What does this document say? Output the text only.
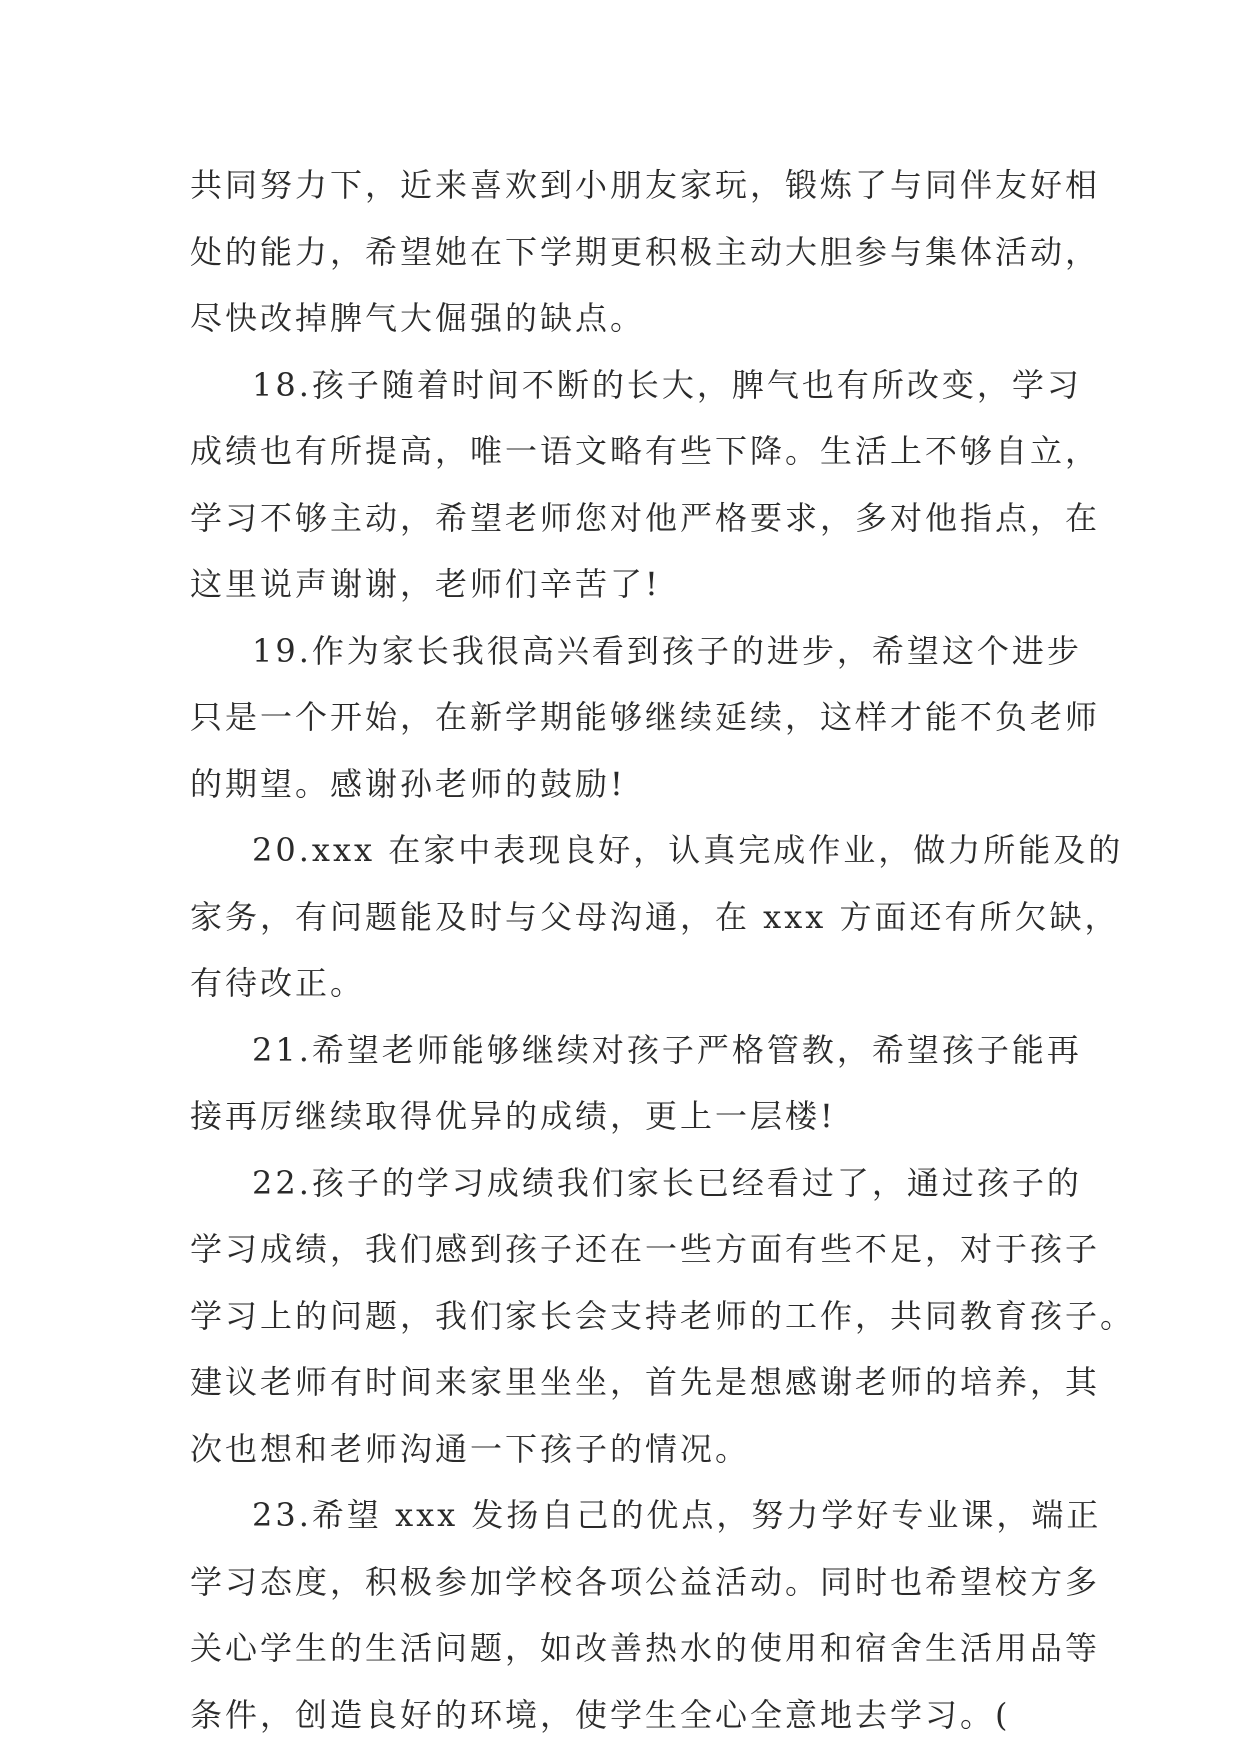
共同努力下，近来喜欢到小朋友家玩，锻炼了与同伴友好相
处的能力，希望她在下学期更积极主动大胆参与集体活动，
尽快改掉脾气大倔强的缺点。
18.孩子随着时间不断的长大，脾气也有所改变，学习
成绩也有所提高，唯一语文略有些下降。生活上不够自立，
学习不够主动，希望老师您对他严格要求，多对他指点，在
这里说声谢谢，老师们辛苦了!
19.作为家长我很高兴看到孩子的进步，希望这个进步
只是一个开始，在新学期能够继续延续，这样才能不负老师
的期望。感谢孙老师的鼓励!
20.xxx 在家中表现良好，认真完成作业，做力所能及的
家务，有问题能及时与父母沟通，在 xxx 方面还有所欠缺，
有待改正。
21.希望老师能够继续对孩子严格管教，希望孩子能再
接再厉继续取得优异的成绩，更上一层楼!
22.孩子的学习成绩我们家长已经看过了，通过孩子的
学习成绩，我们感到孩子还在一些方面有些不足，对于孩子
学习上的问题，我们家长会支持老师的工作，共同教育孩子。
建议老师有时间来家里坐坐，首先是想感谢老师的培养，其
次也想和老师沟通一下孩子的情况。
23.希望 xxx 发扬自己的优点，努力学好专业课，端正
学习态度，积极参加学校各项公益活动。同时也希望校方多
关心学生的生活问题，如改善热水的使用和宿舍生活用品等
条件，创造良好的环境，使学生全心全意地去学习。(
